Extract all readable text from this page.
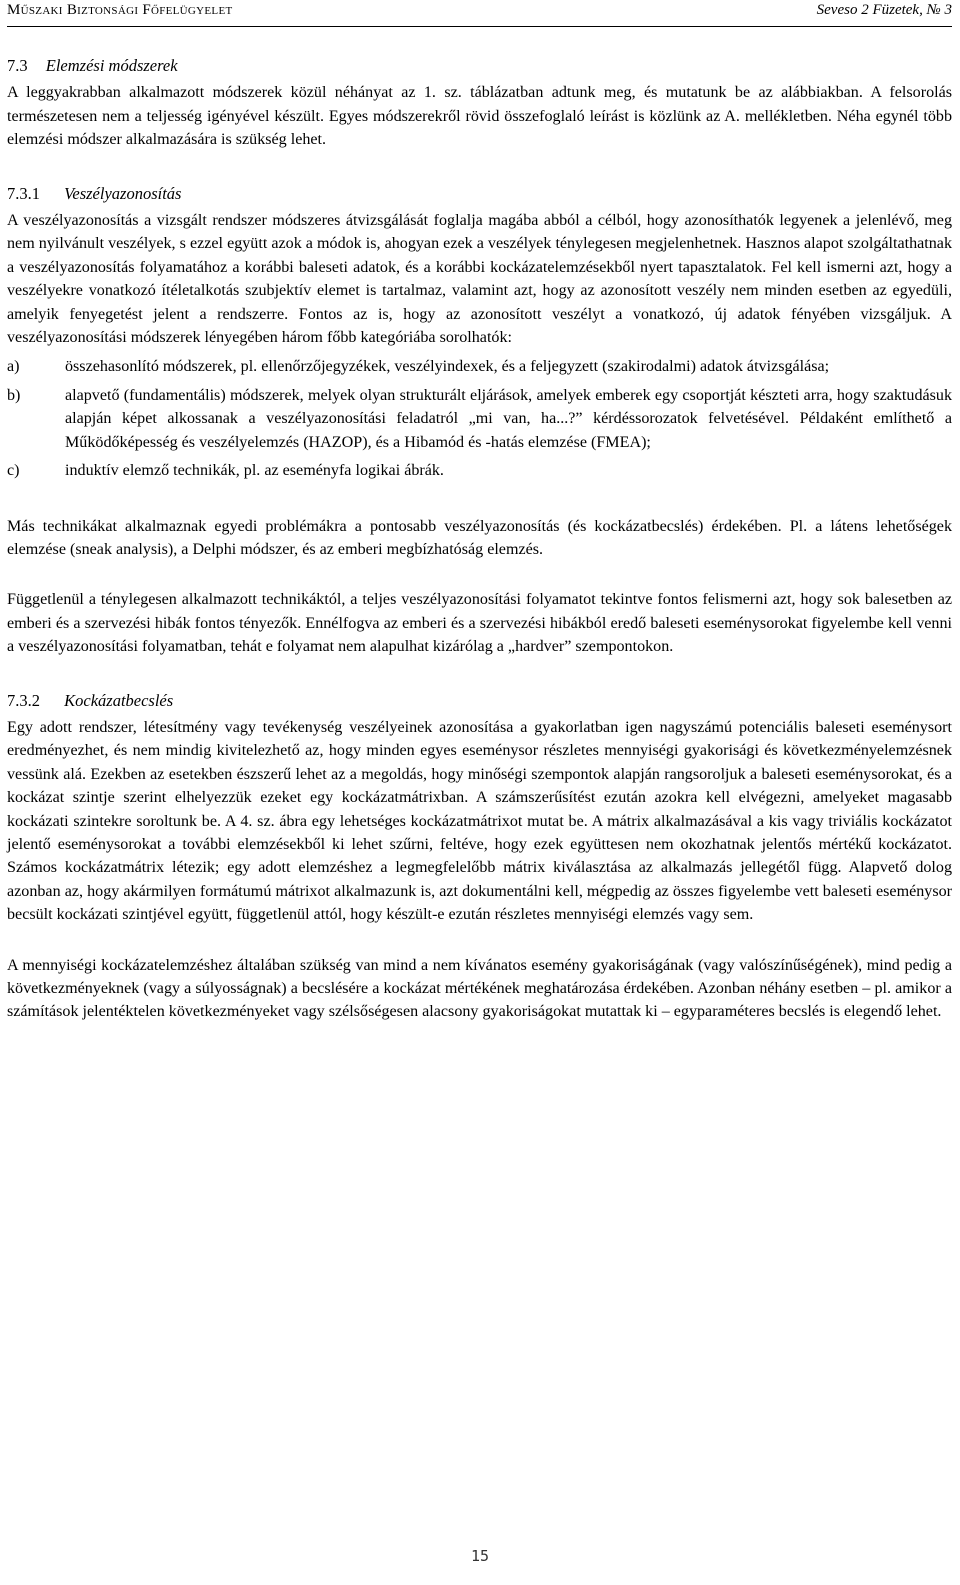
Műszaki Biztonsági Főfelügyelet	Seveso 2 Füzetek, № 3
7.3 Elemzési módszerek

A leggyakrabban alkalmazott módszerek közül néhányat az 1. sz. táblázatban adtunk meg, és mutatunk be az alábbiakban. A felsorolás természetesen nem a teljesség igényével készült. Egyes módszerekről rövid összefoglaló leírást is közlünk az A. mellékletben. Néha egynél több elemzési módszer alkalmazására is szükség lehet.

7.3.1 Veszélyazonosítás

A veszélyazonosítás a vizsgált rendszer módszeres átvizsgálását foglalja magába abból a célból, hogy azonosíthatók legyenek a jelenlévő, meg nem nyilvánult veszélyek, s ezzel együtt azok a módok is, ahogyan ezek a veszélyek ténylegesen megjelenhetnek. Hasznos alapot szolgáltathatnak a veszélyazonosítás folyamatához a korábbi baleseti adatok, és a korábbi kockázatelemzésekből nyert tapasztalatok. Fel kell ismerni azt, hogy a veszélyekre vonatkozó ítéletalkotás szubjektív elemet is tartalmaz, valamint azt, hogy az azonosított veszély nem minden esetben az egyedüli, amelyik fenyegetést jelent a rendszerre. Fontos az is, hogy az azonosított veszélyt a vonatkozó, új adatok fényében vizsgáljuk. A veszélyazonosítási módszerek lényegében három főbb kategóriába sorolhatók:

a)	összehasonlító módszerek, pl. ellenőrzőjegyzékek, veszélyindexek, és a feljegyzett (szakirodalmi) adatok átvizsgálása;
b)	alapvető (fundamentális) módszerek, melyek olyan strukturált eljárások, amelyek emberek egy csoportját készteti arra, hogy szaktudásuk alapján képet alkossanak a veszélyazonosítási feladatról „mi van, ha...?” kérdéssorozatok felvetésével. Példaként említhető a Működőképesség és veszélyelemzés (HAZOP), és a Hibamód és -hatás elemzése (FMEA);
c)	induktív elemző technikák, pl. az eseményfa logikai ábrák.

Más technikákat alkalmaznak egyedi problémákra a pontosabb veszélyazonosítás (és kockázatbecslés) érdekében. Pl. a látens lehetőségek elemzése (sneak analysis), a Delphi módszer, és az emberi megbízhatóság elemzés.

Függetlenül a ténylegesen alkalmazott technikáktól, a teljes veszélyazonosítási folyamatot tekintve fontos felismerni azt, hogy sok balesetben az emberi és a szervezési hibák fontos tényezők. Ennélfogva az emberi és a szervezési hibákból eredő baleseti eseménysorokat figyelembe kell venni a veszélyazonosítási folyamatban, tehát e folyamat nem alapulhat kizárólag a „hardver” szempontokon.

7.3.2 Kockázatbecslés

Egy adott rendszer, létesítmény vagy tevékenység veszélyeinek azonosítása a gyakorlatban igen nagyszámú potenciális baleseti eseménysort eredményezhet, és nem mindig kivitelezhető az, hogy minden egyes eseménysor részletes mennyiségi gyakorisági és következményelemzésnek vessünk alá. Ezekben az esetekben észszerű lehet az a megoldás, hogy minőségi szempontok alapján rangsoroljuk a baleseti eseménysorokat, és a kockázat szintje szerint elhelyezzük ezeket egy kockázatmátrixban. A számszerűsítést ezután azokra kell elvégezni, amelyeket magasabb kockázati szintekre soroltunk be. A 4. sz. ábra egy lehetséges kockázatmátrixot mutat be. A mátrix alkalmazásával a kis vagy triviális kockázatot jelentő eseménysorokat a további elemzésekből ki lehet szűrni, feltéve, hogy ezek együttesen nem okozhatnak jelentős mértékű kockázatot. Számos kockázatmátrix létezik; egy adott elemzéshez a legmegfelelőbb mátrix kiválasztása az alkalmazás jellegétől függ. Alapvető dolog azonban az, hogy akármilyen formátumú mátrixot alkalmazunk is, azt dokumentálni kell, mégpedig az összes figyelembe vett baleseti eseménysor becsült kockázati szintjével együtt, függetlenül attól, hogy készült-e ezután részletes mennyiségi elemzés vagy sem.

A mennyiségi kockázatelemzéshez általában szükség van mind a nem kívánatos esemény gyakoriságának (vagy valószínűségének), mind pedig a következményeknek (vagy a súlyosságnak) a becslésére a kockázat mértékének meghatározása érdekében. Azonban néhány esetben – pl. amikor a számítások jelentéktelen következményeket vagy szélsőségesen alacsony gyakoriságokat mutattak ki – egyparaméteres becslés is elegendő lehet.

15
